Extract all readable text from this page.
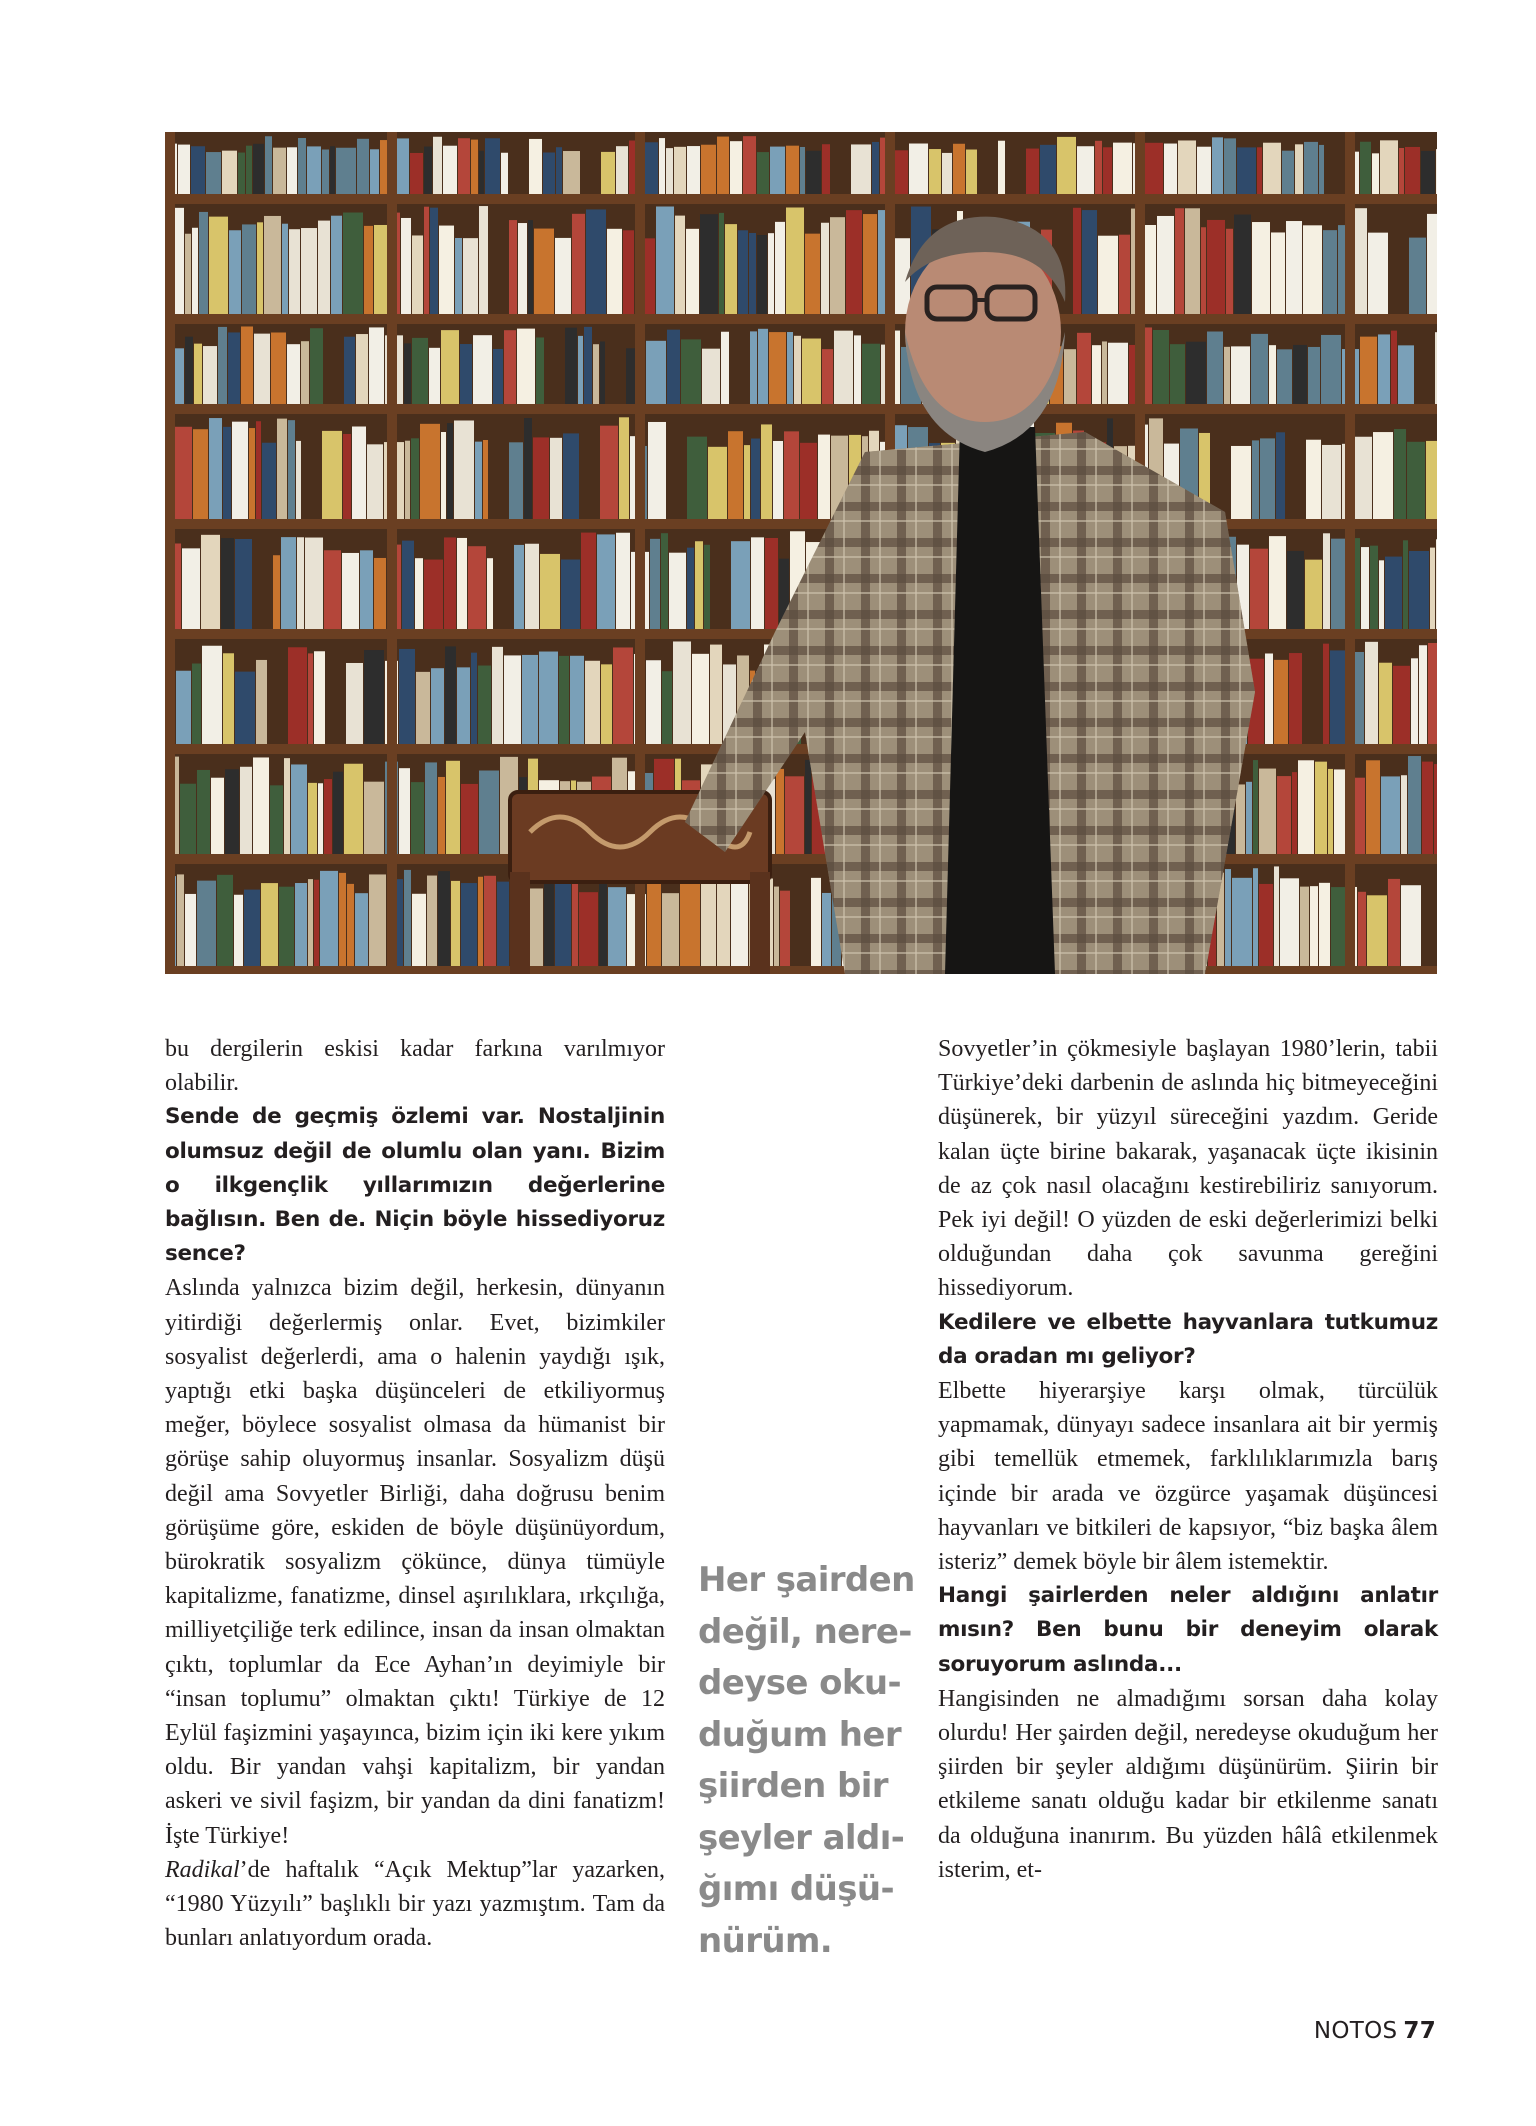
bu dergilerin eskisi kadar farkına varılmıyor olabilir.

Sende de geçmiş özlemi var. Nostaljinin olumsuz değil de olumlu olan yanı. Bizim o ilkgençlik yıllarımızın değerlerine bağlısın. Ben de. Niçin böyle hissediyoruz sence?

Aslında yalnızca bizim değil, herkesin, dünyanın yitirdiği değerlermiş onlar. Evet, bizimkiler sosyalist değerlerdi, ama o halenin yaydığı ışık, yaptığı etki başka düşünceleri de etkiliyormuş meğer, böylece sosyalist olmasa da hümanist bir görüşe sahip oluyormuş insanlar. Sosyalizm düşü değil ama Sovyetler Birliği, daha doğrusu benim görüşüme göre, eskiden de böyle düşünüyordum, bürokratik sosyalizm çökünce, dünya tümüyle kapitalizme, fanatizme, dinsel aşırılıklara, ırkçılığa, milliyetçiliğe terk edilince, insan da insan olmaktan çıktı, toplumlar da Ece Ayhan’ın deyimiyle bir “insan toplumu” olmaktan çıktı! Türkiye de 12 Eylül faşizmini yaşayınca, bizim için iki kere yıkım oldu. Bir yandan vahşi kapitalizm, bir yandan askeri ve sivil faşizm, bir yandan da dini fanatizm! İşte Türkiye!

Radikal’de haftalık “Açık Mektup”lar yazarken, “1980 Yüzyılı” başlıklı bir yazı yazmıştım. Tam da bunları anlatıyordum orada.

Her şairden
değil, nere-
deyse oku-
duğum her
şiirden bir
şeyler aldı-
ğımı düşü-
nürüm.

Sovyetler’in çökmesiyle başlayan 1980’lerin, tabii Türkiye’deki darbenin de aslında hiç bitmeyeceğini düşünerek, bir yüzyıl süreceğini yazdım. Geride kalan üçte birine bakarak, yaşanacak üçte ikisinin de az çok nasıl olacağını kestirebiliriz sanıyorum. Pek iyi değil! O yüzden de eski değerlerimizi belki olduğundan daha çok savunma gereğini hissediyorum.

Kedilere ve elbette hayvanlara tutkumuz da oradan mı geliyor?

Elbette hiyerarşiye karşı olmak, türcülük yapmamak, dünyayı sadece insanlara ait bir yermiş gibi temellük etmemek, farklılıklarımızla barış içinde bir arada ve özgürce yaşamak düşüncesi hayvanları ve bitkileri de kapsıyor, “biz başka âlem isteriz” demek böyle bir âlem istemektir.

Hangi şairlerden neler aldığını anlatır mısın? Ben bunu bir deneyim olarak soruyorum aslında...

Hangisinden ne almadığımı sorsan daha kolay olurdu! Her şairden değil, neredeyse okuduğum her şiirden bir şeyler aldığımı düşünürüm. Şiirin bir etkileme sanatı olduğu kadar bir etkilenme sanatı da olduğuna inanırım. Bu yüzden hâlâ etkilenmek isterim, et-

NOTOS 77
